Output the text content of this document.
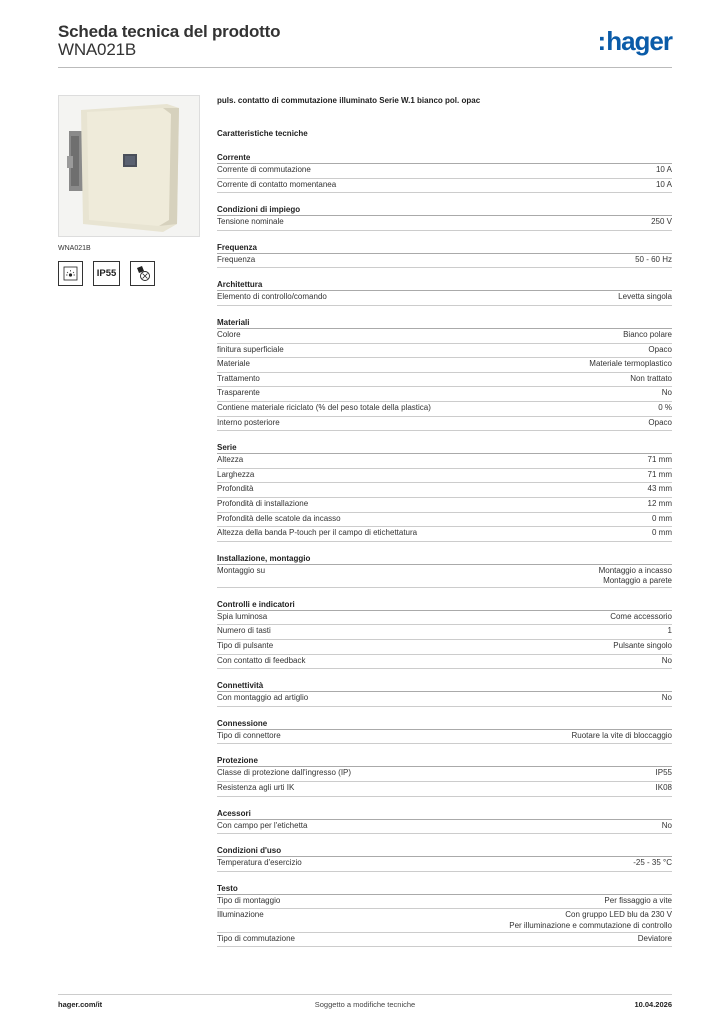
Scheda tecnica del prodotto
WNA021B	:hager
WNA021B
IP55
puls. contatto di commutazione illuminato Serie W.1 bianco pol. opac
Caratteristiche tecniche
Corrente
Corrente di commutazione	10 A
Corrente di contatto momentanea	10 A
Condizioni di impiego
Tensione nominale	250 V
Frequenza
Frequenza	50 - 60 Hz
Architettura
Elemento di controllo/comando	Levetta singola
Materiali
Colore	Bianco polare
finitura superficiale	Opaco
Materiale	Materiale termoplastico
Trattamento	Non trattato
Trasparente	No
Contiene materiale riciclato (% del peso totale della plastica)	0 %
Interno posteriore	Opaco
Serie
Altezza	71 mm
Larghezza	71 mm
Profondità	43 mm
Profondità di installazione	12 mm
Profondità delle scatole da incasso	0 mm
Altezza della banda P-touch per il campo di etichettatura	0 mm
Installazione, montaggio
Montaggio su	Montaggio a incasso
Montaggio a parete
Controlli e indicatori
Spia luminosa	Come accessorio
Numero di tasti	1
Tipo di pulsante	Pulsante singolo
Con contatto di feedback	No
Connettività
Con montaggio ad artiglio	No
Connessione
Tipo di connettore	Ruotare la vite di bloccaggio
Protezione
Classe di protezione dall'ingresso (IP)	IP55
Resistenza agli urti IK	IK08
Acessori
Con campo per l'etichetta	No
Condizioni d'uso
Temperatura d'esercizio	-25 - 35 °C
Testo
Tipo di montaggio	Per fissaggio a vite
Illuminazione	Con gruppo LED blu da 230 V
Per illuminazione e commutazione di controllo
Tipo di commutazione	Deviatore
hager.com/it	Soggetto a modifiche tecniche	10.04.2026
